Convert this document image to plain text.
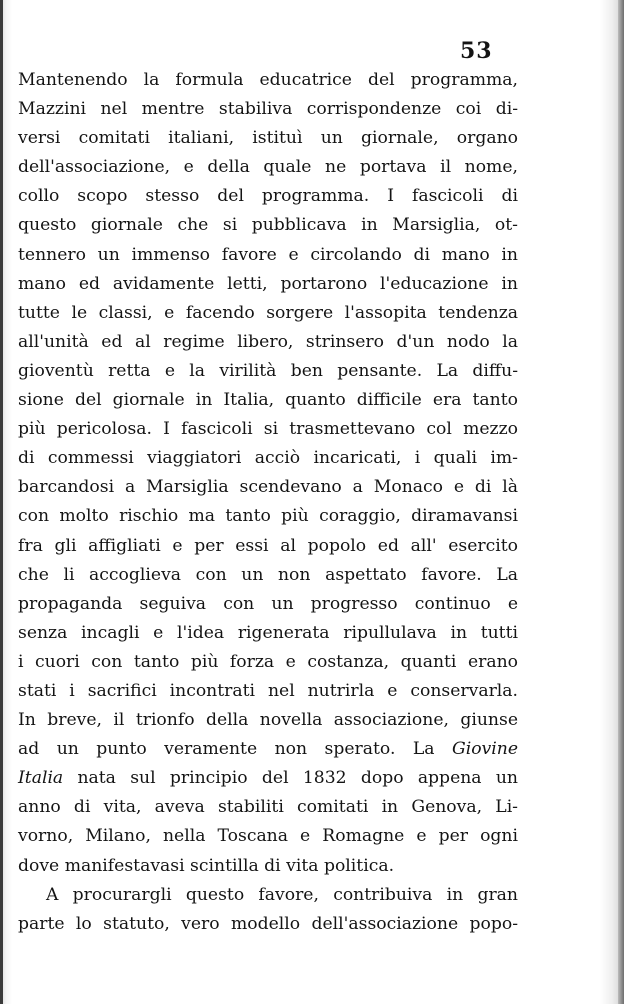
53
Mantenendo la formula educatrice del programma,
Mazzini nel mentre stabiliva corrispondenze coi di-
versi comitati italiani, istituì un giornale, organo
dell'associazione, e della quale ne portava il nome,
collo scopo stesso del programma. I fascicoli di
questo giornale che si pubblicava in Marsiglia, ot-
tennero un immenso favore e circolando di mano in
mano ed avidamente letti, portarono l'educazione in
tutte le classi, e facendo sorgere l'assopita tendenza
all'unità ed al regime libero, strinsero d'un nodo la
gioventù retta e la virilità ben pensante. La diffu-
sione del giornale in Italia, quanto difficile era tanto
più pericolosa. I fascicoli si trasmettevano col mezzo
di commessi viaggiatori acciò incaricati, i quali im-
barcandosi a Marsiglia scendevano a Monaco e di là
con molto rischio ma tanto più coraggio, diramavansi
fra gli affigliati e per essi al popolo ed all' esercito
che li accoglieva con un non aspettato favore. La
propaganda seguiva con un progresso continuo e
senza incagli e l'idea rigenerata ripullulava in tutti
i cuori con tanto più forza e costanza, quanti erano
stati i sacrifici incontrati nel nutrirla e conservarla.
In breve, il trionfo della novella associazione, giunse
ad un punto veramente non sperato. La Giovine
Italia nata sul principio del 1832 dopo appena un
anno di vita, aveva stabiliti comitati in Genova, Li-
vorno, Milano, nella Toscana e Romagne e per ogni
dove manifestavasi scintilla di vita politica.
A procurargli questo favore, contribuiva in gran
parte lo statuto, vero modello dell'associazione popo-
